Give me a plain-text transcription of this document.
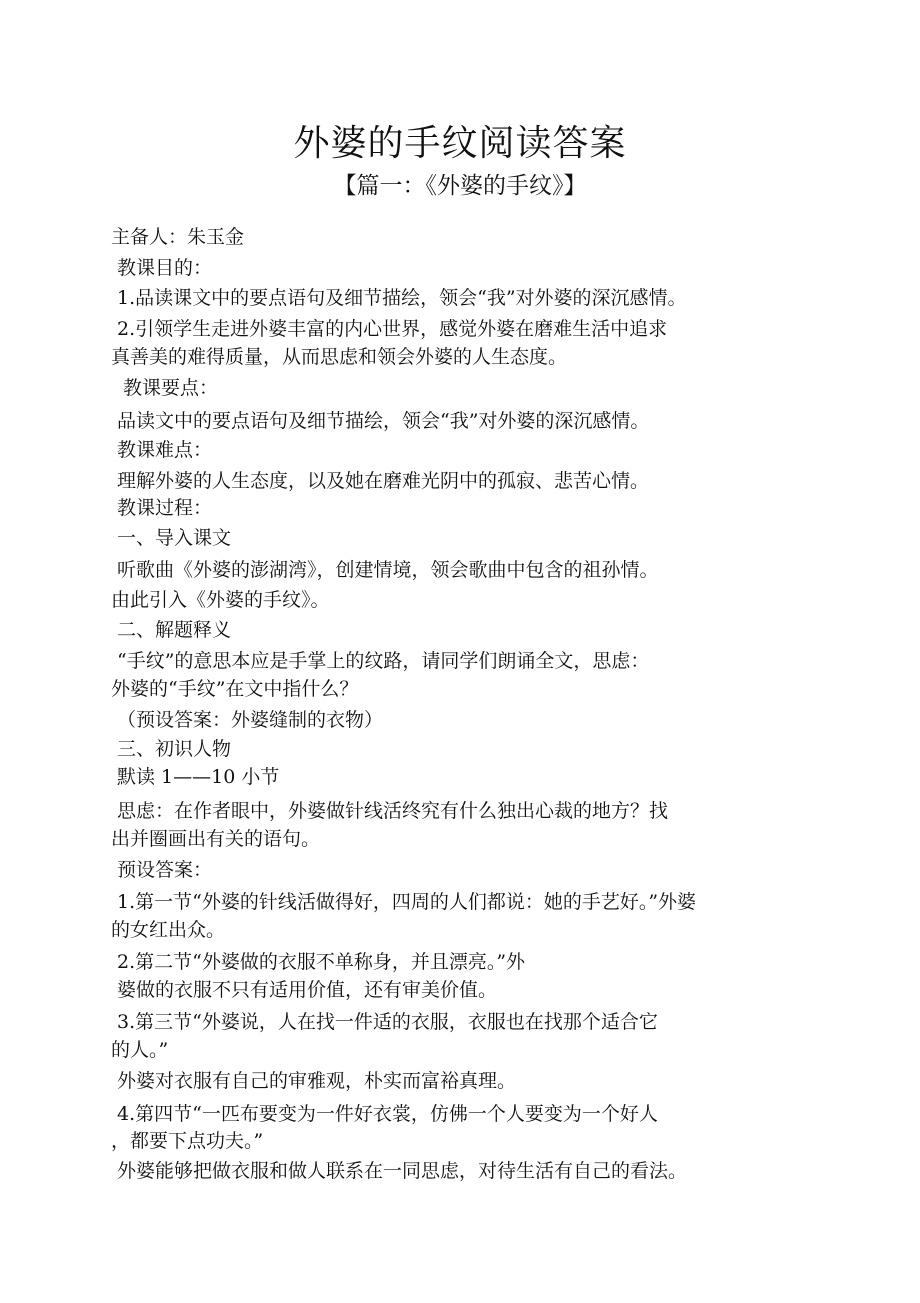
外婆的手纹阅读答案
【篇一：《外婆的手纹》】
主备人：朱玉金
教课目的：
1.品读课文中的要点语句及细节描绘，领会“我”对外婆的深沉感情。
2.引领学生走进外婆丰富的内心世界，感觉外婆在磨难生活中追求
真善美的难得质量，从而思虑和领会外婆的人生态度。
教课要点：
品读文中的要点语句及细节描绘，领会“我”对外婆的深沉感情。
教课难点：
理解外婆的人生态度，以及她在磨难光阴中的孤寂、悲苦心情。
教课过程：
一、导入课文
听歌曲《外婆的澎湖湾》，创建情境，领会歌曲中包含的祖孙情。
由此引入《外婆的手纹》。
二、解题释义
“手纹”的意思本应是手掌上的纹路，请同学们朗诵全文，思虑：
外婆的“手纹”在文中指什么？
（预设答案：外婆缝制的衣物）
三、初识人物
默读 1——10 小节
思虑：在作者眼中，外婆做针线活终究有什么独出心裁的地方？找
出并圈画出有关的语句。
预设答案：
1.第一节“外婆的针线活做得好，四周的人们都说：她的手艺好。”外婆
的女红出众。
2.第二节“外婆做的衣服不单称身，并且漂亮。”外
婆做的衣服不只有适用价值，还有审美价值。
3.第三节“外婆说，人在找一件适的衣服，衣服也在找那个适合它
的人。”
外婆对衣服有自己的审雅观，朴实而富裕真理。
4.第四节“一匹布要变为一件好衣裳，仿佛一个人要变为一个好人
，都要下点功夫。”
外婆能够把做衣服和做人联系在一同思虑，对待生活有自己的看法。
